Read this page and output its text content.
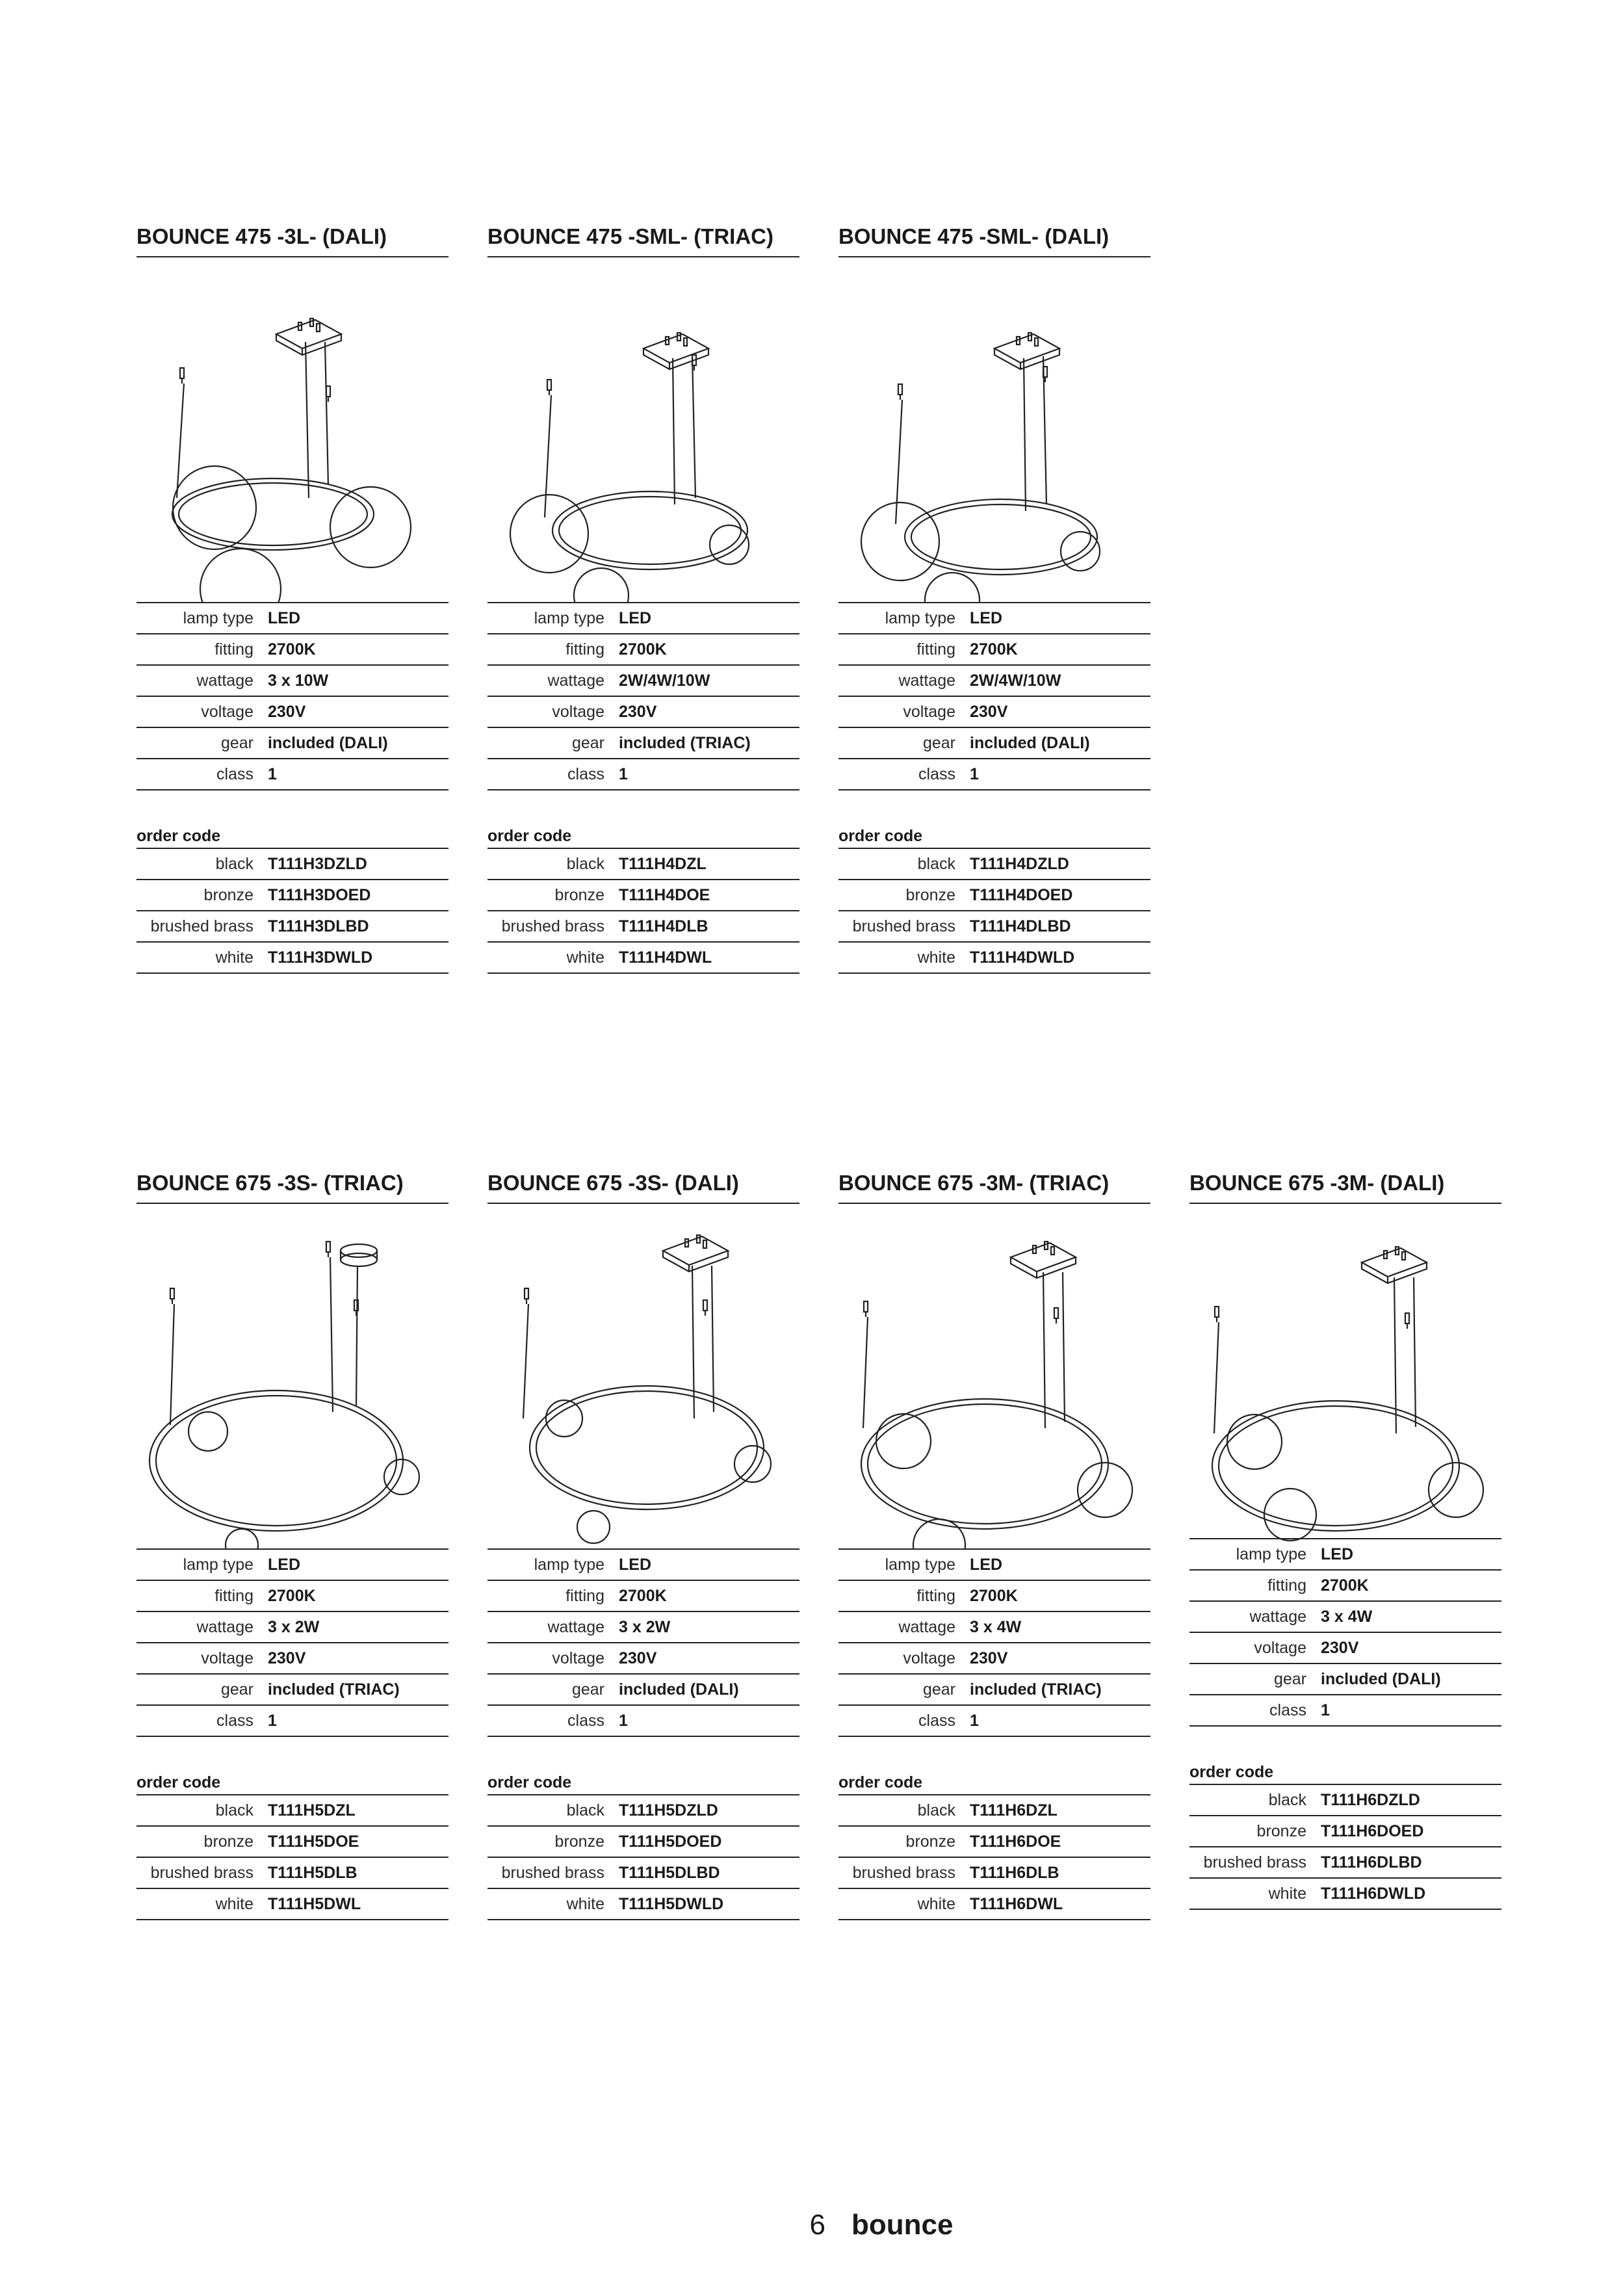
BOUNCE 475 -3L- (DALI)
lamp type LED
fitting 2700K
wattage 3 x 10W
voltage 230V
gear included (DALI)
class 1
order code
black T111H3DZLD
bronze T111H3DOED
brushed brass T111H3DLBD
white T111H3DWLD
BOUNCE 475 -SML- (TRIAC)
lamp type LED
fitting 2700K
wattage 2W/4W/10W
voltage 230V
gear included (TRIAC)
class 1
order code
black T111H4DZL
bronze T111H4DOE
brushed brass T111H4DLB
white T111H4DWL
BOUNCE 475 -SML- (DALI)
lamp type LED
fitting 2700K
wattage 2W/4W/10W
voltage 230V
gear included (DALI)
class 1
order code
black T111H4DZLD
bronze T111H4DOED
brushed brass T111H4DLBD
white T111H4DWLD
BOUNCE 675 -3S- (TRIAC)
lamp type LED
fitting 2700K
wattage 3 x 2W
voltage 230V
gear included (TRIAC)
class 1
order code
black T111H5DZL
bronze T111H5DOE
brushed brass T111H5DLB
white T111H5DWL
BOUNCE 675 -3S- (DALI)
lamp type LED
fitting 2700K
wattage 3 x 2W
voltage 230V
gear included (DALI)
class 1
order code
black T111H5DZLD
bronze T111H5DOED
brushed brass T111H5DLBD
white T111H5DWLD
BOUNCE 675 -3M- (TRIAC)
lamp type LED
fitting 2700K
wattage 3 x 4W
voltage 230V
gear included (TRIAC)
class 1
order code
black T111H6DZL
bronze T111H6DOE
brushed brass T111H6DLB
white T111H6DWL
BOUNCE 675 -3M- (DALI)
lamp type LED
fitting 2700K
wattage 3 x 4W
voltage 230V
gear included (DALI)
class 1
order code
black T111H6DZLD
bronze T111H6DOED
brushed brass T111H6DLBD
white T111H6DWLD
6 bounce
